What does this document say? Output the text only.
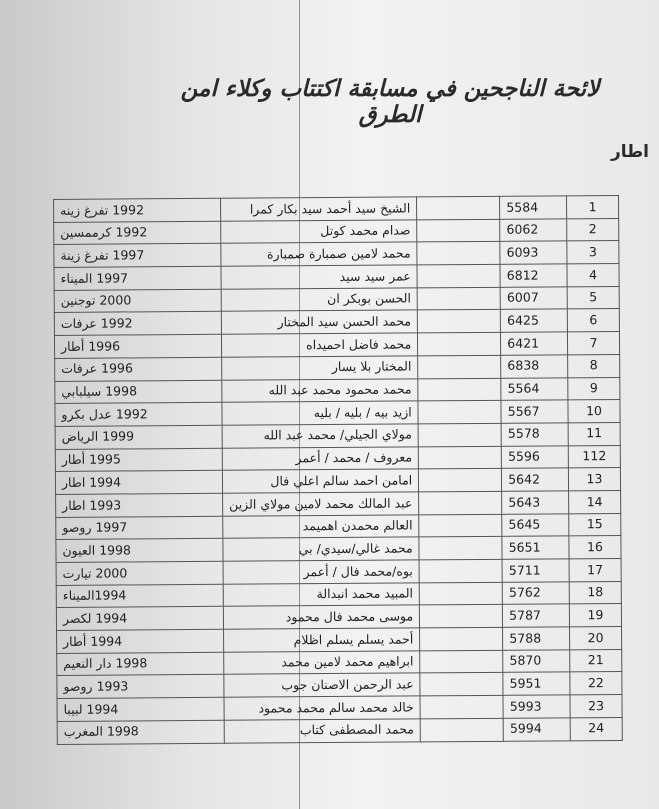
لائحة الناجحين في مسابقة اكتتاب وكلاء امن الطرق
اطار
1	5584		الشيخ سيد أحمد سيد بكار كمرا	1992 تفرغ زينه
2	6062		صدام محمد كوتل	1992 كرممسين
3	6093		محمد لامين صمبارة صمبارة	1997 تفرغ زينة
4	6812		عمر سيد سيد	1997 الميناء
5	6007		الحسن بوبكر ان	2000 توجنين
6	6425		محمد الحسن سيد المختار	1992 عرفات
7	6421		محمد فاضل احميداه	1996 أطار
8	6838		المختار بلا يسار	1996 عرفات
9	5564		محمد محمود محمد عبد الله	1998 سيلبابي
10	5567		ازيد بيه / بليه / بليه	1992 عدل بكرو
11	5578		مولاي الجيلي/ محمد عبد الله	1999 الرياض
112	5596		معروف / محمد / أعمر	1995 أطار
13	5642		امامن احمد سالم اعلي فال	1994 اطار
14	5643		عبد المالك محمد لامين مولاي الزين	1993 اطار
15	5645		العالم محمدن اهميمد	1997 روصو
16	5651		محمد غالي/سيدي/ بي	1998 العيون
17	5711		بوه/محمد فال / أعمر	2000 تيارت
18	5762		المبيد محمد انبدالة	1994الميناء
19	5787		موسى محمد فال محمود	1994 لكصر
20	5788		أحمد يسلم يسلم اظلام	1994 أطار
21	5870		ابراهيم محمد لامين محمد	1998 دار النعيم
22	5951		عبد الرحمن الاصنان جوب	1993 روصو
23	5993		خالد محمد سالم محمد محمود	1994 لبيبا
24	5994		محمد المصطفى كتاب	1998 المغرب
